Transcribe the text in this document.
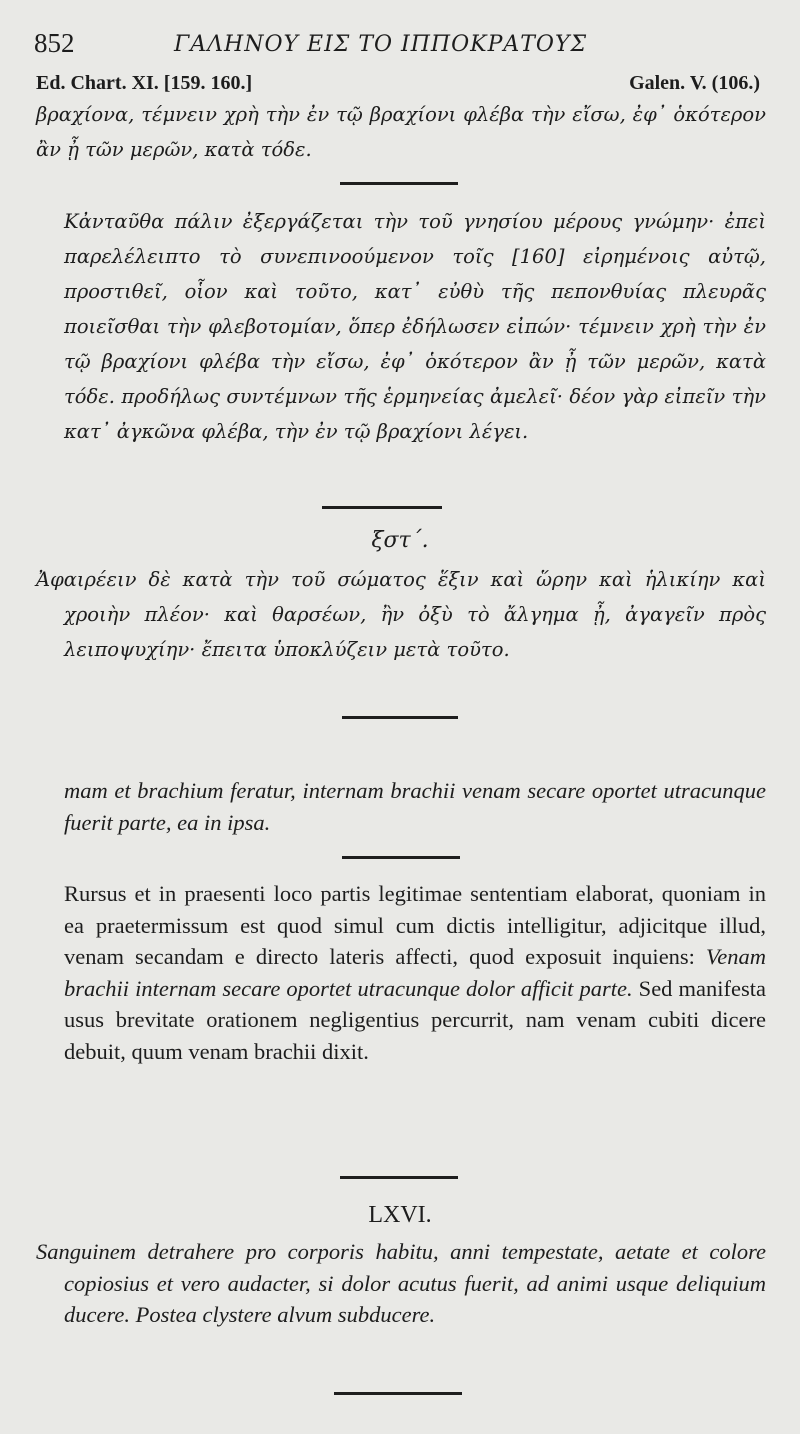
852	ΓΑΛΗΝΟΥ ΕΙΣ ΤΟ ΙΠΠΟΚΡΑΤΟΥΣ
Ed. Chart. XI. [159. 160.]	Galen. V. (106.)
βραχίονα, τέμνειν χρὴ τὴν ἐν τῷ βραχίονι φλέβα τὴν εἴσω, ἐφ᾽ ὁκότερον ἂν ᾖ τῶν μερῶν, κατὰ τόδε.
Κἀνταῦθα πάλιν ἐξεργάζεται τὴν τοῦ γνησίου μέρους γνώμην· ἐπεὶ παρελέλειπτο τὸ συνεπινοούμενον τοῖς [160] εἰρημένοις αὐτῷ, προστιθεῖ, οἷον καὶ τοῦτο, κατ᾽ εὐθὺ τῆς πεπονθυίας πλευρᾶς ποιεῖσθαι τὴν φλεβοτομίαν, ὅπερ ἐδήλωσεν εἰπών· τέμνειν χρὴ τὴν ἐν τῷ βραχίονι φλέβα τὴν εἴσω, ἐφ᾽ ὁκότερον ἂν ᾖ τῶν μερῶν, κατὰ τόδε. προδήλως συντέμνων τῆς ἑρμηνείας ἀμελεῖ· δέον γὰρ εἰπεῖν τὴν κατ᾽ ἀγκῶνα φλέβα, τὴν ἐν τῷ βραχίονι λέγει.
ξστ΄.
Ἀφαιρέειν δὲ κατὰ τὴν τοῦ σώματος ἕξιν καὶ ὥρην καὶ ἡλικίην καὶ χροιὴν πλέον· καὶ θαρσέων, ἢν ὀξὺ τὸ ἄλγημα ᾖ, ἀγαγεῖν πρὸς λειποψυχίην· ἔπειτα ὑποκλύζειν μετὰ τοῦτο.
mam et brachium feratur, internam brachii venam secare oportet utracunque fuerit parte, ea in ipsa.
Rursus et in praesenti loco partis legitimae sententiam elaborat, quoniam in ea praetermissum est quod simul cum dictis intelligitur, adjicitque illud, venam secandam e directo lateris affecti, quod exposuit inquiens: Venam brachii internam secare oportet utracunque dolor afficit parte. Sed manifesta usus brevitate orationem negligentius percurrit, nam venam cubiti dicere debuit, quum venam brachii dixit.
LXVI.
Sanguinem detrahere pro corporis habitu, anni tempestate, aetate et colore copiosius et vero audacter, si dolor acutus fuerit, ad animi usque deliquium ducere. Postea clystere alvum subducere.
